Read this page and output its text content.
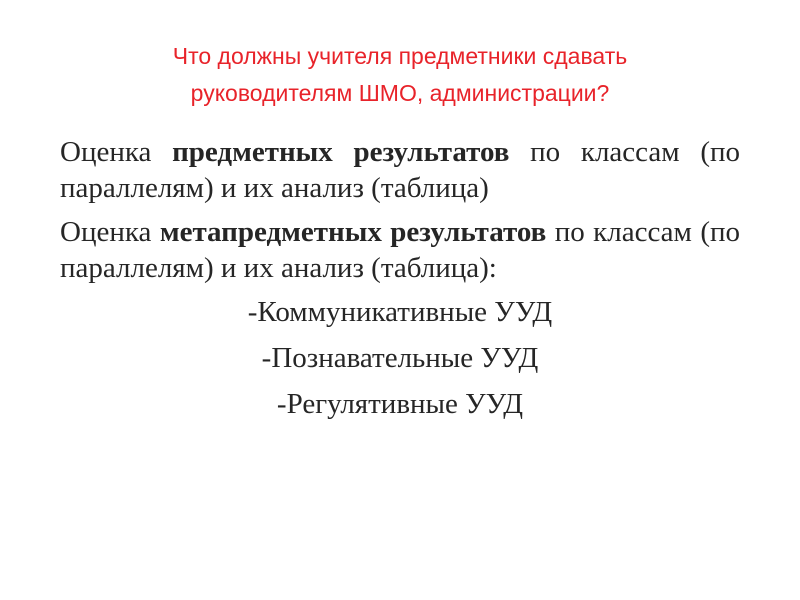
Что должны учителя предметники сдавать
руководителям ШМО, администрации?

Оценка предметных результатов по классам (по параллелям) и их анализ (таблица)

Оценка метапредметных результатов по классам (по параллелям) и их анализ (таблица):

-Коммуникативные УУД
-Познавательные УУД
-Регулятивные УУД
